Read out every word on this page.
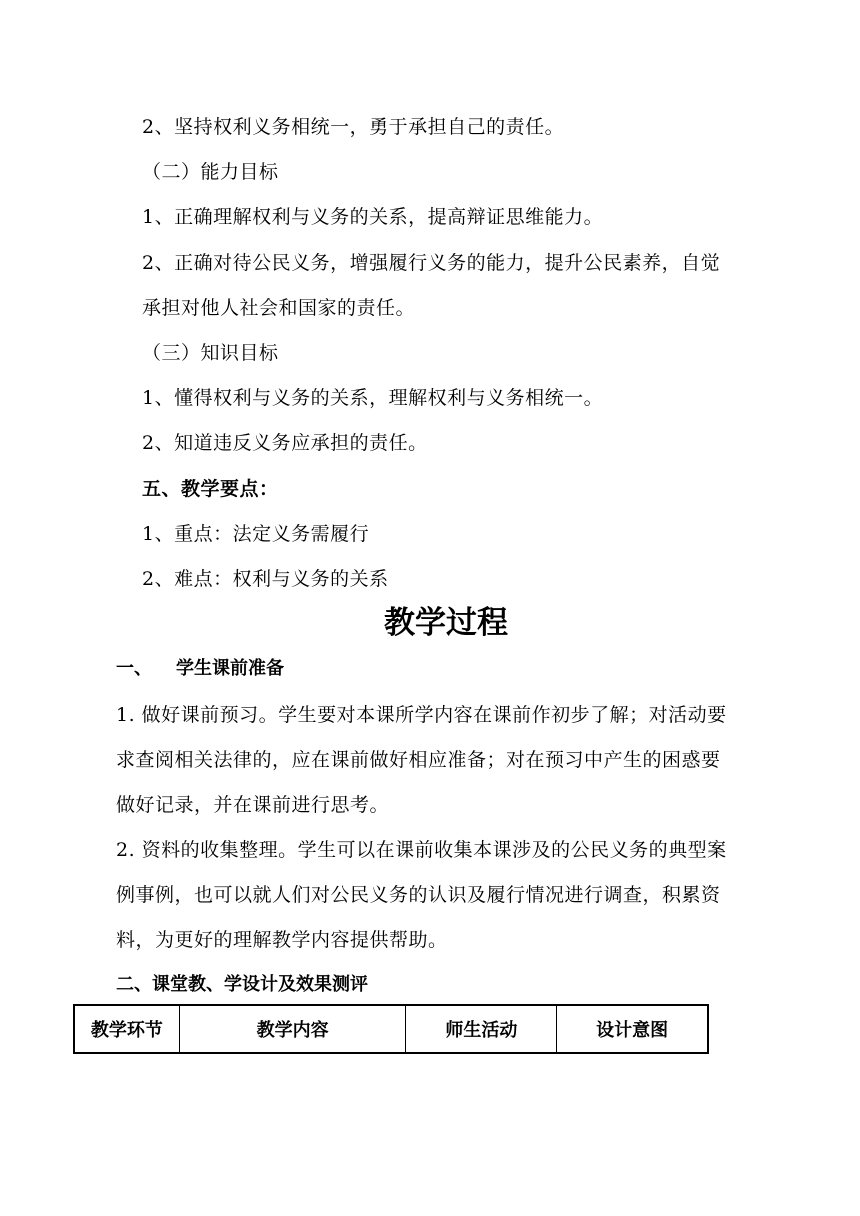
2、坚持权利义务相统一，勇于承担自己的责任。
（二）能力目标
1、正确理解权利与义务的关系，提高辩证思维能力。
2、正确对待公民义务，增强履行义务的能力，提升公民素养，自觉
承担对他人社会和国家的责任。
（三）知识目标
1、懂得权利与义务的关系，理解权利与义务相统一。
2、知道违反义务应承担的责任。
五、教学要点：
1、重点：法定义务需履行
2、难点：权利与义务的关系
教学过程
一、 学生课前准备
1. 做好课前预习。学生要对本课所学内容在课前作初步了解；对活动要
求查阅相关法律的，应在课前做好相应准备；对在预习中产生的困惑要
做好记录，并在课前进行思考。
2. 资料的收集整理。学生可以在课前收集本课涉及的公民义务的典型案
例事例，也可以就人们对公民义务的认识及履行情况进行调查，积累资
料，为更好的理解教学内容提供帮助。
二、课堂教、学设计及效果测评
教学环节	教学内容	师生活动	设计意图
